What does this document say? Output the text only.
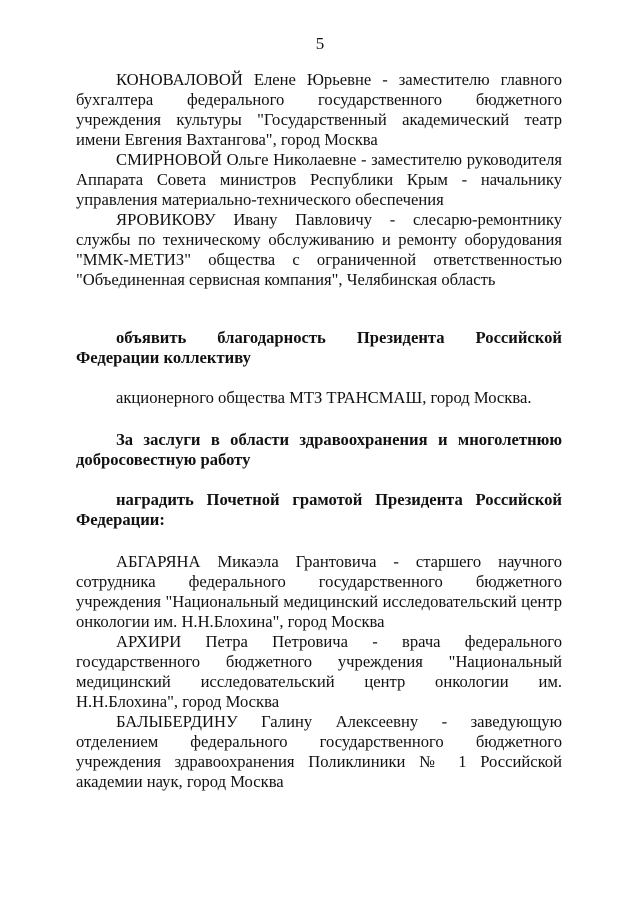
5

КОНОВАЛОВОЙ Елене Юрьевне - заместителю главного бухгалтера федерального государственного бюджетного учреждения культуры "Государственный академический театр имени Евгения Вахтангова", город Москва

СМИРНОВОЙ Ольге Николаевне - заместителю руководителя Аппарата Совета министров Республики Крым - начальнику управления материально-технического обеспечения

ЯРОВИКОВУ Ивану Павловичу - слесарю-ремонтнику службы по техническому обслуживанию и ремонту оборудования "ММК-МЕТИЗ" общества с ограниченной ответственностью "Объединенная сервисная компания", Челябинская область

объявить благодарность Президента Российской Федерации коллективу

акционерного общества МТЗ ТРАНСМАШ, город Москва.

За заслуги в области здравоохранения и многолетнюю добросовестную работу

наградить Почетной грамотой Президента Российской Федерации:

АБГАРЯНА Микаэла Грантовича - старшего научного сотрудника федерального государственного бюджетного учреждения "Национальный медицинский исследовательский центр онкологии им. Н.Н.Блохина", город Москва

АРХИРИ Петра Петровича - врача федерального государственного бюджетного учреждения "Национальный медицинский исследовательский центр онкологии им. Н.Н.Блохина", город Москва

БАЛЫБЕРДИНУ Галину Алексеевну - заведующую отделением федерального государственного бюджетного учреждения здравоохранения Поликлиники № 1 Российской академии наук, город Москва
